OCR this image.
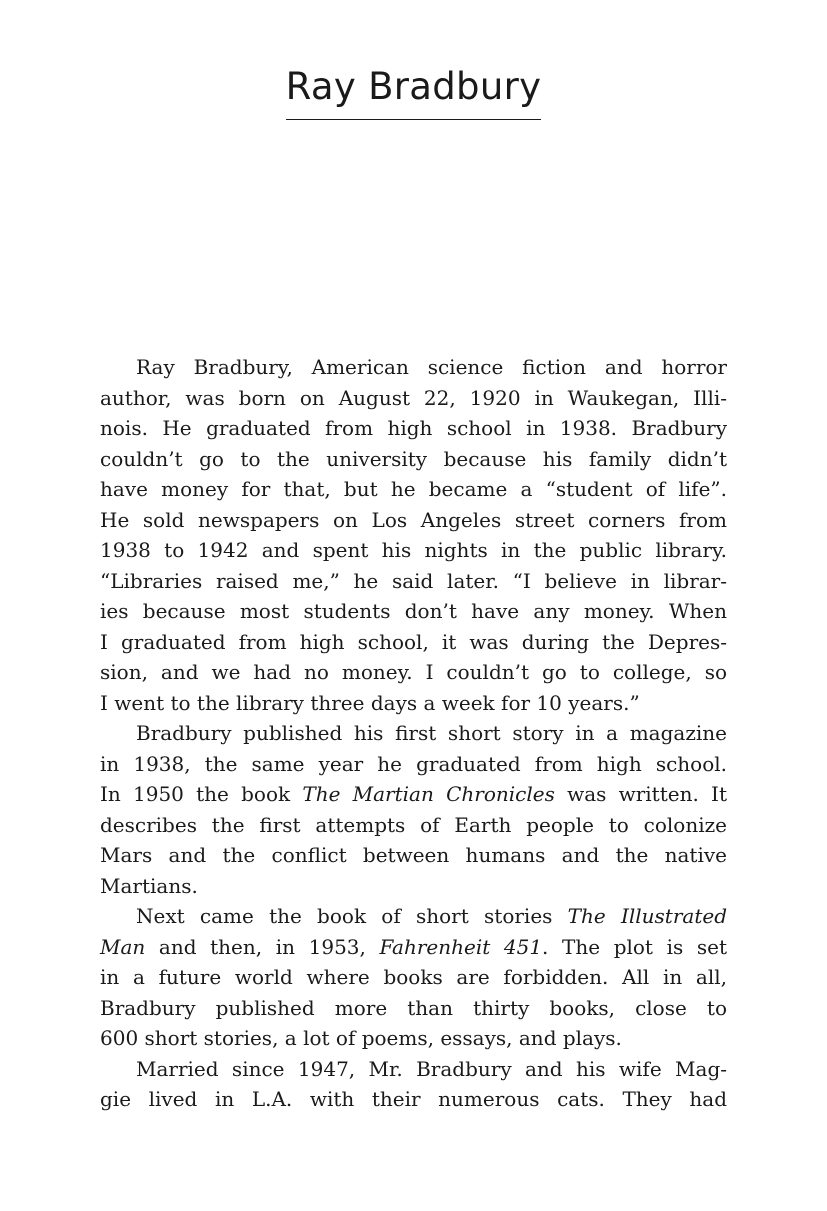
Ray Bradbury
Ray Bradbury, American science fiction and horror
author, was born on August 22, 1920 in Waukegan, Illi-
nois. He graduated from high school in 1938. Bradbury
couldn’t go to the university because his family didn’t
have money for that, but he became a “student of life”.
He sold newspapers on Los Angeles street corners from
1938 to 1942 and spent his nights in the public library.
“Libraries raised me,” he said later. “I believe in librar-
ies because most students don’t have any money. When
I graduated from high school, it was during the Depres-
sion, and we had no money. I couldn’t go to college, so
I went to the library three days a week for 10 years.”
Bradbury published his first short story in a magazine
in 1938, the same year he graduated from high school.
In 1950 the book The Martian Chronicles was written. It
describes the first attempts of Earth people to colonize
Mars and the conflict between humans and the native
Martians.
Next came the book of short stories The Illustrated
Man and then, in 1953, Fahrenheit 451. The plot is set
in a future world where books are forbidden. All in all,
Bradbury published more than thirty books, close to
600 short stories, a lot of poems, essays, and plays.
Married since 1947, Mr. Bradbury and his wife Mag-
gie lived in L.A. with their numerous cats. They had
